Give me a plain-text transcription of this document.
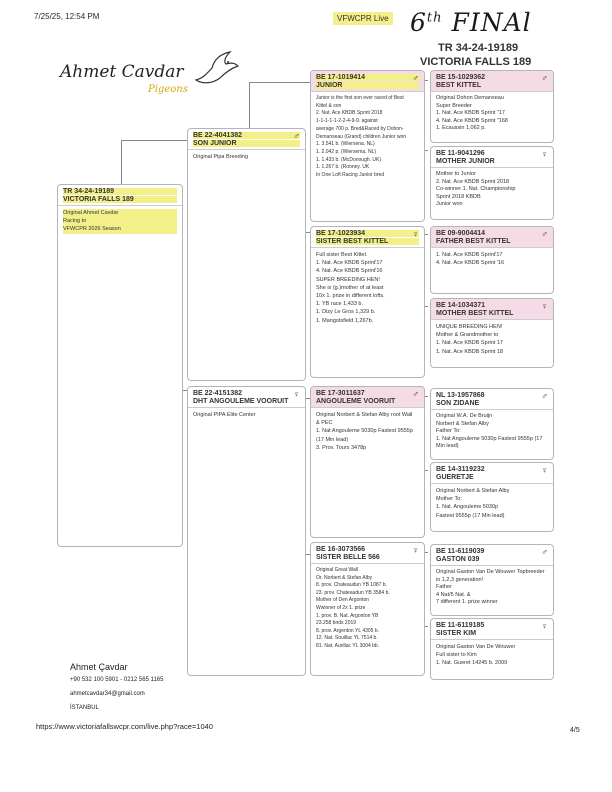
7/25/25, 12:54 PM	VFWCPR Live 6th FINAl
TR 34-24-19189
VICTORIA FALLS 189
Ahmet Cavdar
Pigeons
TR 34-24-19189
VICTORIA FALLS 189
Original Ahmet Cavdar
Racing to
VFWCPR 2026 Season
BE 22-4041382
SON JUNIOR
♂
Original Pipa Breeding
BE 22-4151382
DHT ANGOULEME VOORUIT
♀
Original PIPA Elite Center
BE 17-1019414
JUNIOR
♂
Junior is the first son ever raced of Best
Kittel & son
2. Nat. Ace KBDB Sprint 2018
1-1-1-1-1-2-2-4-9-9. against
average 700 p. Bred&Raced by Dohon-
Demanseau (Grand) children Junior won
1. 3.541 b. (Wiersena. NL)
1. 2.042 p. (Wiersema. NL)
1. 1.433 b. (McDonough. UK)
1. 1.267 b. (Rooney. UK
In One Loft Racing Junior bred
BE 17-1023934
SISTER BEST KITTEL
♀
Full sister Best Kittel.
1. Nat. Ace KBDB Sprint'17
4. Nat. Ace KBDB Sprint'16
SUPER BREEDING HEN!
She is (g.)mother of at least
10x 1. prize in different lofts.
1. YB race 1,433 b.
1. Dizy Le Gros 1,329 b.
1. Mangotsfield 1,267b.
BE 17-3011637
ANGOULEME VOORUIT
♂
Original Norbert & Stefan Alby root Wall
& PEC
1. Nat Angouleme 5030p Fastest 9555p
(17 Min lead)
3. Prov. Tours 3478p
BE 16-3073566
SISTER BELLE 566
♀
Original Great Wall
Or. Norbert & Stefan Alby
8. prov. Chateaudun YB 1087 b.
23. prov. Chateaudun YB 3584 b.
Mother of Den Argonton
Wwinner of 2x 1. prize
1. prov. B. Nat. Argonton YB
23.258 birds 2019
8. prov. Argenton YL 4305 b.
12. Nat. Souillac YL 7514 b.
81. Nat. Aurillac YL 3004 bb.
BE 15-1029362
BEST KITTEL
♂
Original Dohon Demanseau
Super Breeder
1. Nat. Ace KBDB Sprint "17
4. Nat. Ace KBDB Sprint "168
1. Ecaussin 1,062 p.
BE 11-9041296
MOTHER JUNIOR
♀
Mother to Junior
2. Nat. Ace KBDB Sprint 2018
Co-winner 1. Nat. Championship
Sprint 2018 KBDB
Junior won
BE 09-9004414
FATHER BEST KITTEL
♂
1. Nat. Ace KBDB Sprint'17
4. Nat. Ace KBDB Sprint '16
BE 14-1034371
MOTHER BEST KITTEL
♀
UNIQUE BREEDING HEN!
Mother & Grandmother to
1. Nat. Ace KBDB Sprint 17
1. Nat. Ace KBDB Sprint 18
NL 13-1957868
SON ZIDANE
♂
Original W.A. De Bruijn
Norbert & Stefan Alby
Father To:
1. Nat Angouleme 5030p Fastest 9555p (17
Min lead)
BE 14-3119232
GUERETJE
♀
Original Norbert & Stefan Alby
Mother To:
1. Nat. Angouleme 5030p
Fastest 9555p (17 Min lead)
BE 11-6119039
GASTON 039
♂
Original Gaston Van De Wouwer Topbreeder
in 1,2,3 generation!
Father
4 Nat/5 Nat. &
7 different 1. prize winner
BE 11-6119185
SISTER KIM
♀
Original Gaston Van De Wouwer
Full sister to Kim
1. Nat. Gueret 14245 b. 2009
Ahmet Çavdar
+90 532 100 5901 - 0212 565 1165
ahmetcavdar34@gmail.com
İSTANBUL
https://www.victoriafallswcpr.com/live.php?race=1040	4/5
